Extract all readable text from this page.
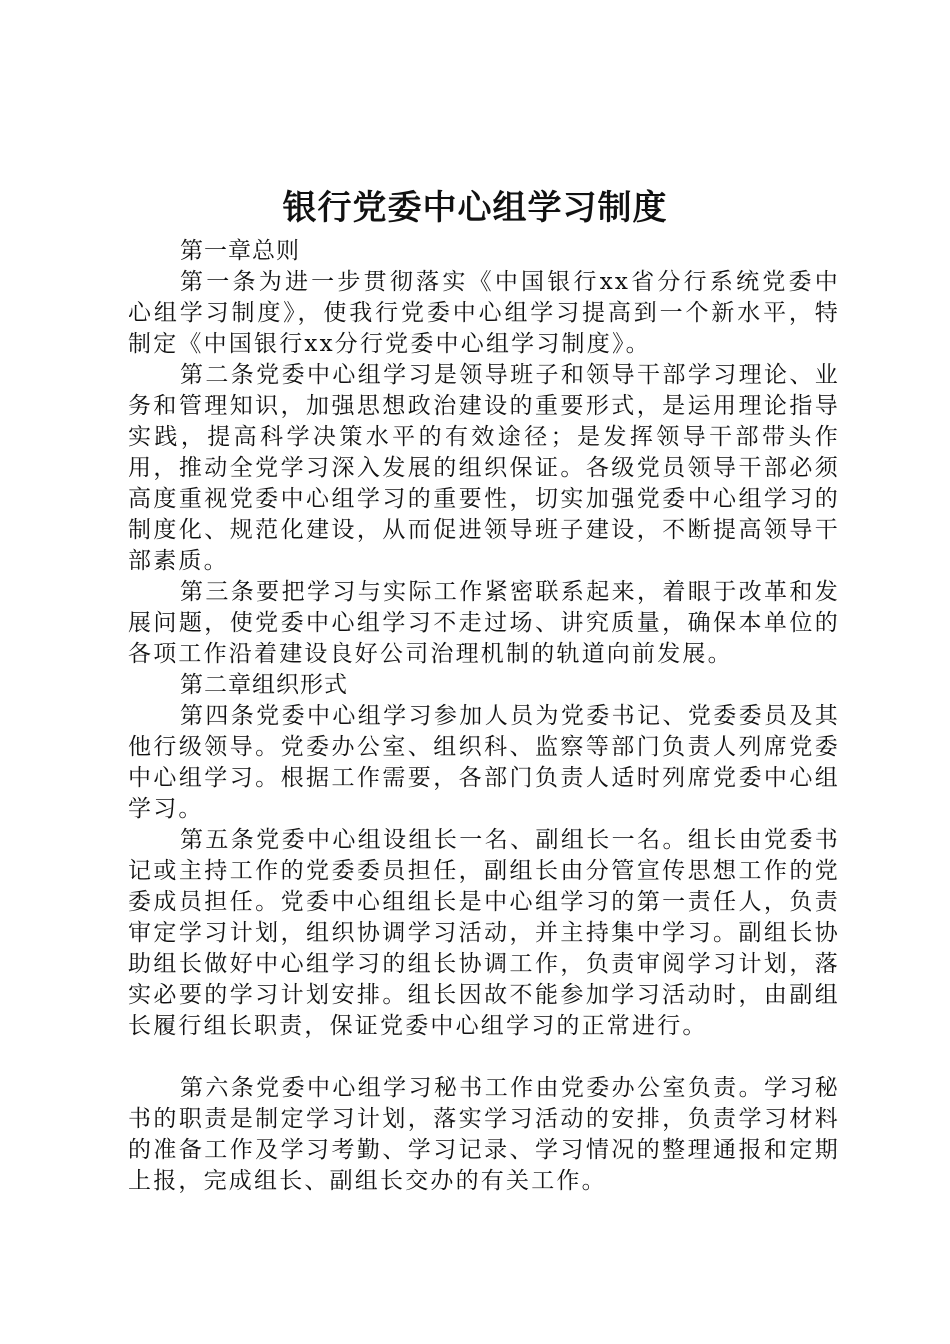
银行党委中心组学习制度

第一章总则

第一条为进一步贯彻落实《中国银行xx省分行系统党委中心组学习制度》，使我行党委中心组学习提高到一个新水平，特制定《中国银行xx分行党委中心组学习制度》。

第二条党委中心组学习是领导班子和领导干部学习理论、业务和管理知识，加强思想政治建设的重要形式，是运用理论指导实践，提高科学决策水平的有效途径；是发挥领导干部带头作用，推动全党学习深入发展的组织保证。各级党员领导干部必须高度重视党委中心组学习的重要性，切实加强党委中心组学习的制度化、规范化建设，从而促进领导班子建设，不断提高领导干部素质。

第三条要把学习与实际工作紧密联系起来，着眼于改革和发展问题，使党委中心组学习不走过场、讲究质量，确保本单位的各项工作沿着建设良好公司治理机制的轨道向前发展。

第二章组织形式

第四条党委中心组学习参加人员为党委书记、党委委员及其他行级领导。党委办公室、组织科、监察等部门负责人列席党委中心组学习。根据工作需要，各部门负责人适时列席党委中心组学习。

第五条党委中心组设组长一名、副组长一名。组长由党委书记或主持工作的党委委员担任，副组长由分管宣传思想工作的党委成员担任。党委中心组组长是中心组学习的第一责任人，负责审定学习计划，组织协调学习活动，并主持集中学习。副组长协助组长做好中心组学习的组长协调工作，负责审阅学习计划，落实必要的学习计划安排。组长因故不能参加学习活动时，由副组长履行组长职责，保证党委中心组学习的正常进行。

第六条党委中心组学习秘书工作由党委办公室负责。学习秘书的职责是制定学习计划，落实学习活动的安排，负责学习材料的准备工作及学习考勤、学习记录、学习情况的整理通报和定期上报，完成组长、副组长交办的有关工作。
